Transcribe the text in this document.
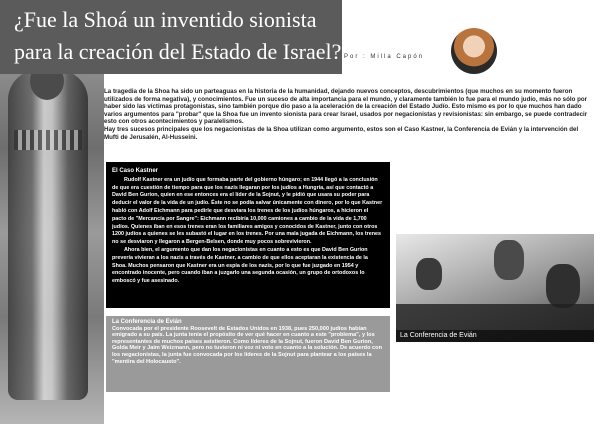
¿Fue la Shoá un inventido sionista para la creación del Estado de Israel? Por : Milla Capón

La tragedia de la Shoa ha sido un parteaguas en la historia de la humanidad, dejando nuevos conceptos, descubrimientos (que muchos en su momento fueron utilizados de forma negativa), y conocimientos. Fue un suceso de alta importancia para el mundo, y claramente también lo fue para el mundo judío, más no sólo por haber sido las víctimas protagonistas, sino también porque dio paso a la aceleración de la creación del Estado Judío. Esto mismo es por lo que muchos han dado varios argumentos para "probar" que la Shoa fue un invento sionista para crear Israel, usados por negacionistas y revisionistas: sin embargo, se puede contradecir esto con otros acontecimientos y paralelismos.

Hay tres sucesos principales que los negacionistas de la Shoa utilizan como argumento, estos son el Caso Kastner, la Conferencia de Evián y la intervención del Mufti de Jerusalén, Al-Husseini.

El Caso Kastner

Rudolf Kastner era un judío que formaba parte del gobierno húngaro; en 1944 llegó a la conclusión de que era cuestión de tiempo para que los nazis llegaran por los judíos a Hungría, así que contactó a David Ben Gurion, quien en ese entonces era el líder de la Sojnut, y le pidió que usara su poder para deducir el valor de la vida de un judío. Éste no se podía salvar únicamente con dinero, por lo que Kastner habló con Adolf Eichmann para pedirle que desviara los trenes de los judíos húngaros, a hicieron el pacto de "Mercancía por Sangre": Eichmann recibiría 10,000 camiones a cambio de la vida de 1,700 judíos. Quienes iban en esos trenes eran los familiares amigos y conocidos de Kastner, junto con otros 1200 judíos a quienes se les subastó el lugar en los trenes. Por una mala jugada de Eichmann, los trenes no se desviaron y llegaron a Bergen-Belsen, donde muy pocos sobrevivieron.

Ahora bien, el argumento que dan los negacionistas en cuanto a esto es que David Ben Gurion prevería vivieran a los nazis a través de Kastner, a cambio de que ellos aceptaran la existencia de la Shoa. Muchos pensaron que Kastner era un espía de los nazis, por lo que fue juzgado en 1954 y encontrado inocente, pero cuando iban a juzgarlo una segunda ocasión, un grupo de ortodoxos lo emboscó y fue asesinado.

La Conferencia de Evián

Convocada por el presidente Roosevelt de Estados Unidos en 1938, pues 250,000 judíos habían emigrado a su país. La junta tenía el propósito de ver qué hacer en cuanto a este "problema", y los representantes de muchos países asistieron. Como líderes de la Sojnut, fueron David Ben Gurion, Golda Meir y Jaim Weizmann, pero no tuvieron ni voz ni voto en cuanto a la solución. De acuerdo con los negacionistas, la junta fue convocada por los líderes de la Sojnut para plantear a los países la "mentira del Holocausto".

La Conferencia de Evián
